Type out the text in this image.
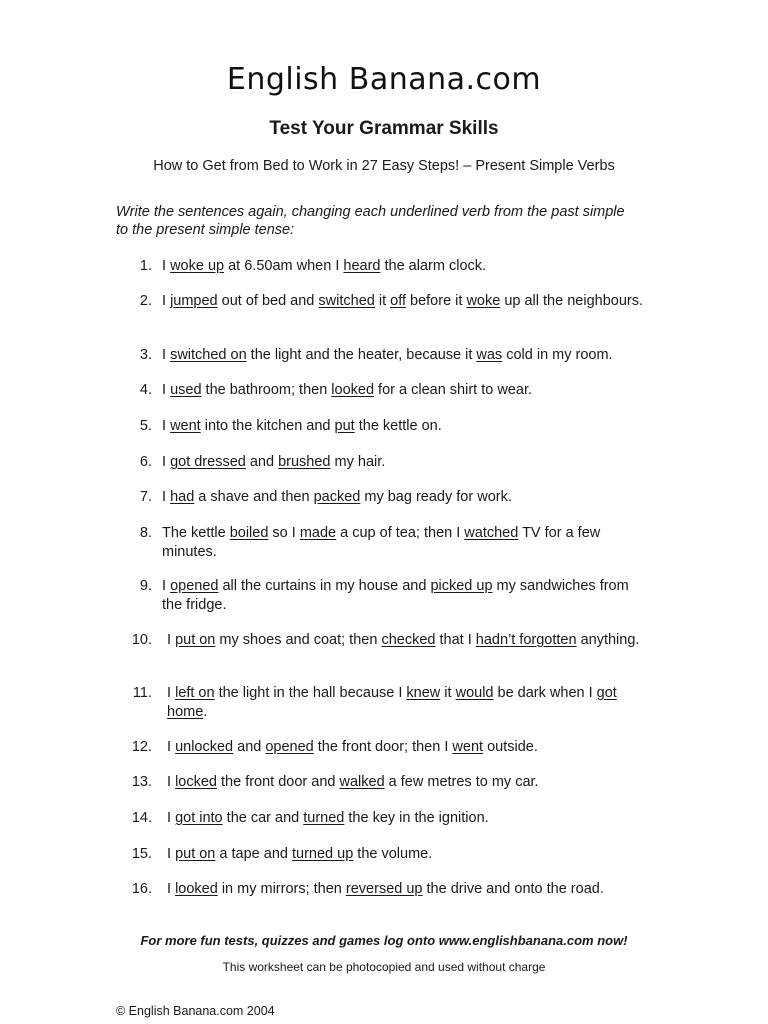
English Banana.com
Test Your Grammar Skills
How to Get from Bed to Work in 27 Easy Steps! – Present Simple Verbs
Write the sentences again, changing each underlined verb from the past simple to the present simple tense:
1. I woke up at 6.50am when I heard the alarm clock.
2. I jumped out of bed and switched it off before it woke up all the neighbours.
3. I switched on the light and the heater, because it was cold in my room.
4. I used the bathroom; then looked for a clean shirt to wear.
5. I went into the kitchen and put the kettle on.
6. I got dressed and brushed my hair.
7. I had a shave and then packed my bag ready for work.
8. The kettle boiled so I made a cup of tea; then I watched TV for a few minutes.
9. I opened all the curtains in my house and picked up my sandwiches from the fridge.
10. I put on my shoes and coat; then checked that I hadn’t forgotten anything.
11. I left on the light in the hall because I knew it would be dark when I got home.
12. I unlocked and opened the front door; then I went outside.
13. I locked the front door and walked a few metres to my car.
14. I got into the car and turned the key in the ignition.
15. I put on a tape and turned up the volume.
16. I looked in my mirrors; then reversed up the drive and onto the road.
For more fun tests, quizzes and games log onto www.englishbanana.com now!
This worksheet can be photocopied and used without charge
© English Banana.com 2004
